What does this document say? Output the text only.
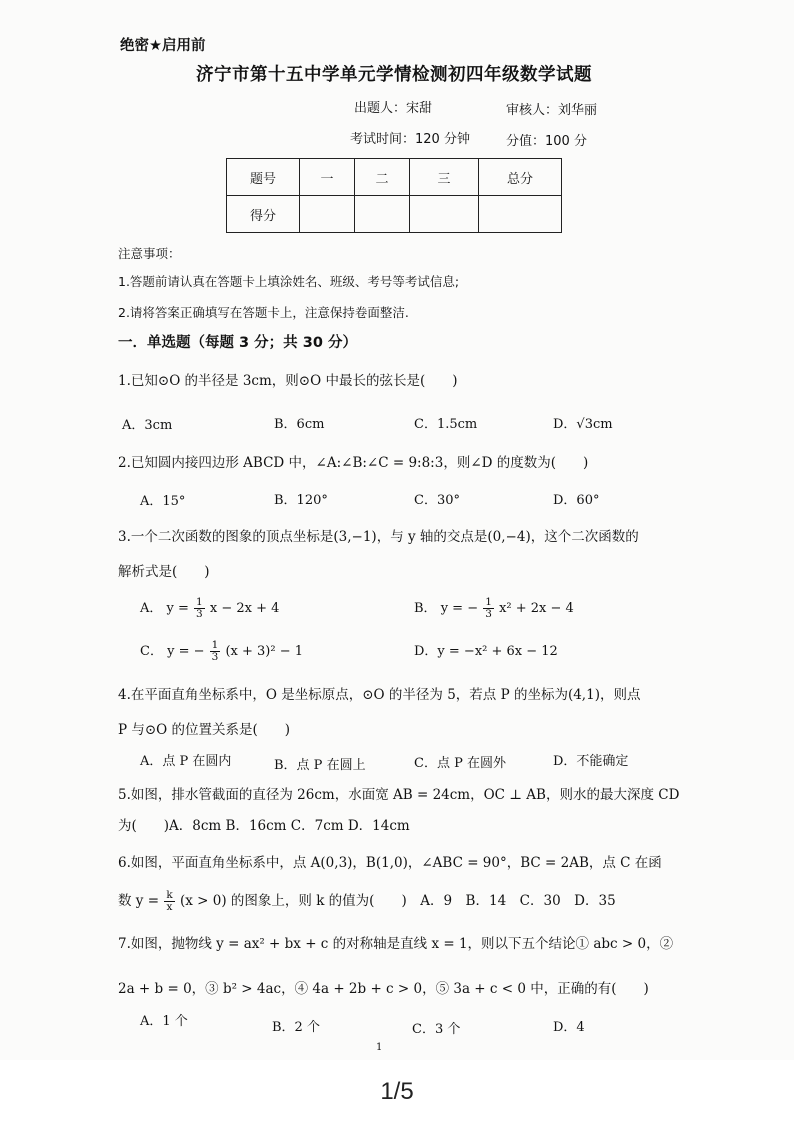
绝密★启用前
济宁市第十五中学单元学情检测初四年级数学试题
出题人：宋甜	审核人：刘华丽
考试时间：120 分钟	分值：100 分
题号	一	二	三	总分
得分				
注意事项：
1.答题前请认真在答题卡上填涂姓名、班级、考号等考试信息;
2.请将答案正确填写在答题卡上，注意保持卷面整洁.
一．单选题（每题 3 分；共 30 分）
1.已知⊙O 的半径是 3cm，则⊙O 中最长的弦长是(　　)
A．3cm	B．6cm	C．1.5cm	D．√3cm
2.已知圆内接四边形 ABCD 中，∠A:∠B:∠C = 9:8:3，则∠D 的度数为(　　)
A．15°	B．120°	C．30°	D．60°
3.一个二次函数的图象的顶点坐标是(3,−1)，与 y 轴的交点是(0,−4)，这个二次函数的
解析式是(　　)
A． $y = \frac{1}{3}$ x − 2x + 4	B． y = − $\frac{1}{3} x^2 + 2x - 4$
C． y = − $\frac{1}{3} (x + 3)^2 - 1$	D．y = −x² + 6x − 12
4.在平面直角坐标系中，O 是坐标原点，⊙O 的半径为 5，若点 P 的坐标为(4,1)，则点
P 与⊙O 的位置关系是(　　)
A．点 P 在圆内	B．点 P 在圆上	C．点 P 在圆外	D．不能确定
5.如图，排水管截面的直径为 26cm，水面宽 AB = 24cm，OC ⊥ AB，则水的最大深度 CD
为(　　)A．8cm B．16cm C．7cm D．14cm
6.如图，平面直角坐标系中，点 A(0,3)，B(1,0)，∠ABC = 90°，BC = 2AB，点 C 在函
数 $y = \frac{k}{x} (x > 0)$ 的图象上，则 k 的值为(　　)　A．9　B．14　C．30　D．35
7.如图，抛物线 y = ax² + bx + c 的对称轴是直线 x = 1，则以下五个结论① abc > 0，②
2a + b = 0，③ b² > 4ac，④ 4a + 2b + c > 0，⑤ 3a + c < 0 中，正确的有(　　)
A．1 个	B．2 个	C．3 个	D．4
1
1/5
